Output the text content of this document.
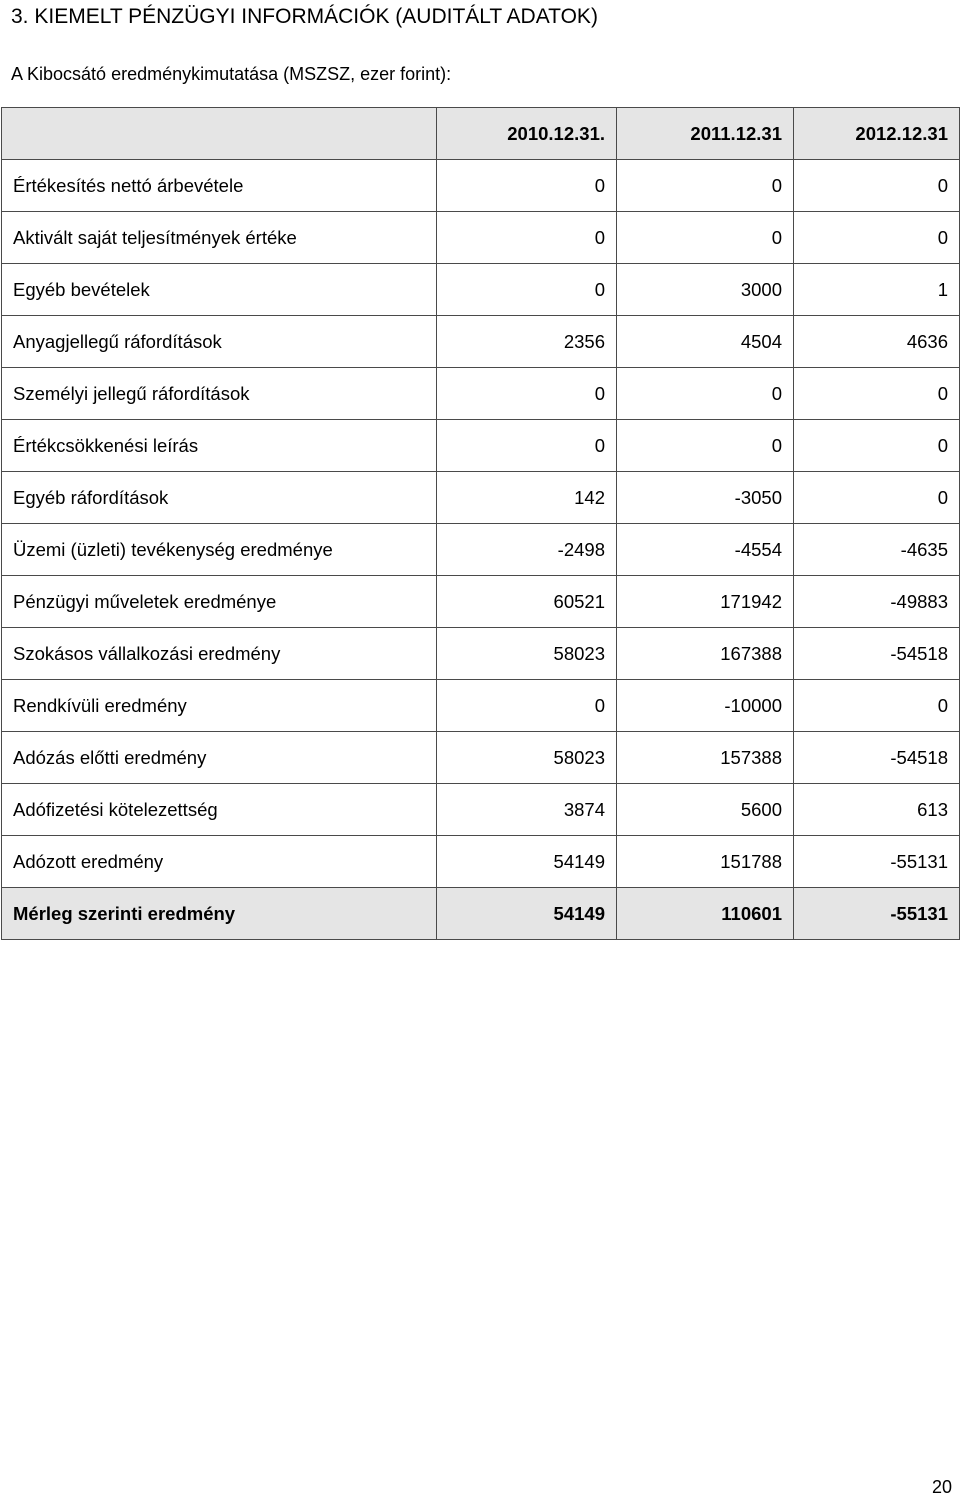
3. KIEMELT PÉNZÜGYI INFORMÁCIÓK (AUDITÁLT ADATOK)
A Kibocsátó eredménykimutatása (MSZSZ, ezer forint):
	2010.12.31.	2011.12.31	2012.12.31
Értékesítés nettó árbevétele	0	0	0
Aktivált saját teljesítmények értéke	0	0	0
Egyéb bevételek	0	3000	1
Anyagjellegű ráfordítások	2356	4504	4636
Személyi jellegű ráfordítások	0	0	0
Értékcsökkenési leírás	0	0	0
Egyéb ráfordítások	142	-3050	0
Üzemi (üzleti) tevékenység eredménye	-2498	-4554	-4635
Pénzügyi műveletek eredménye	60521	171942	-49883
Szokásos vállalkozási eredmény	58023	167388	-54518
Rendkívüli eredmény	0	-10000	0
Adózás előtti eredmény	58023	157388	-54518
Adófizetési kötelezettség	3874	5600	613
Adózott eredmény	54149	151788	-55131
Mérleg szerinti eredmény	54149	110601	-55131
20
